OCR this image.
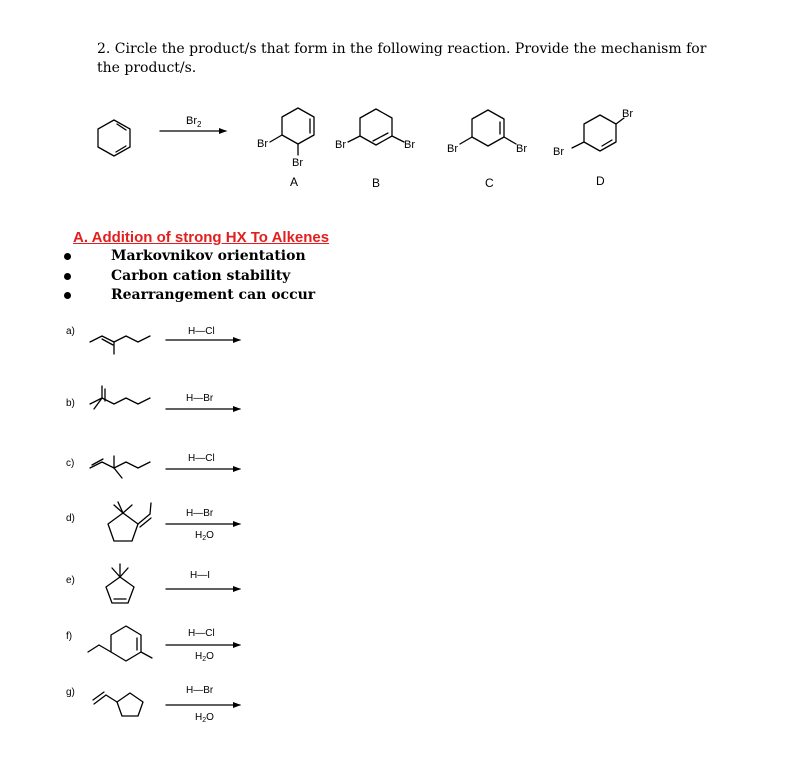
2. Circle the product/s that form in the following reaction. Provide the mechanism for the product/s.
A. Addition of strong HX To Alkenes
Markovnikov orientation
Carbon cation stability
Rearrangement can occur
$Br_2$
Br
Br
A
Br	Br
B
Br	Br
C
Br
Br
D
a)
b)
c)
d)
e)
f)
g)
H—Cl
H—Br
H—Cl
H—Br
$H_2O$
H—I
H—Cl
$H_2O$
H—Br
$H_2O$
